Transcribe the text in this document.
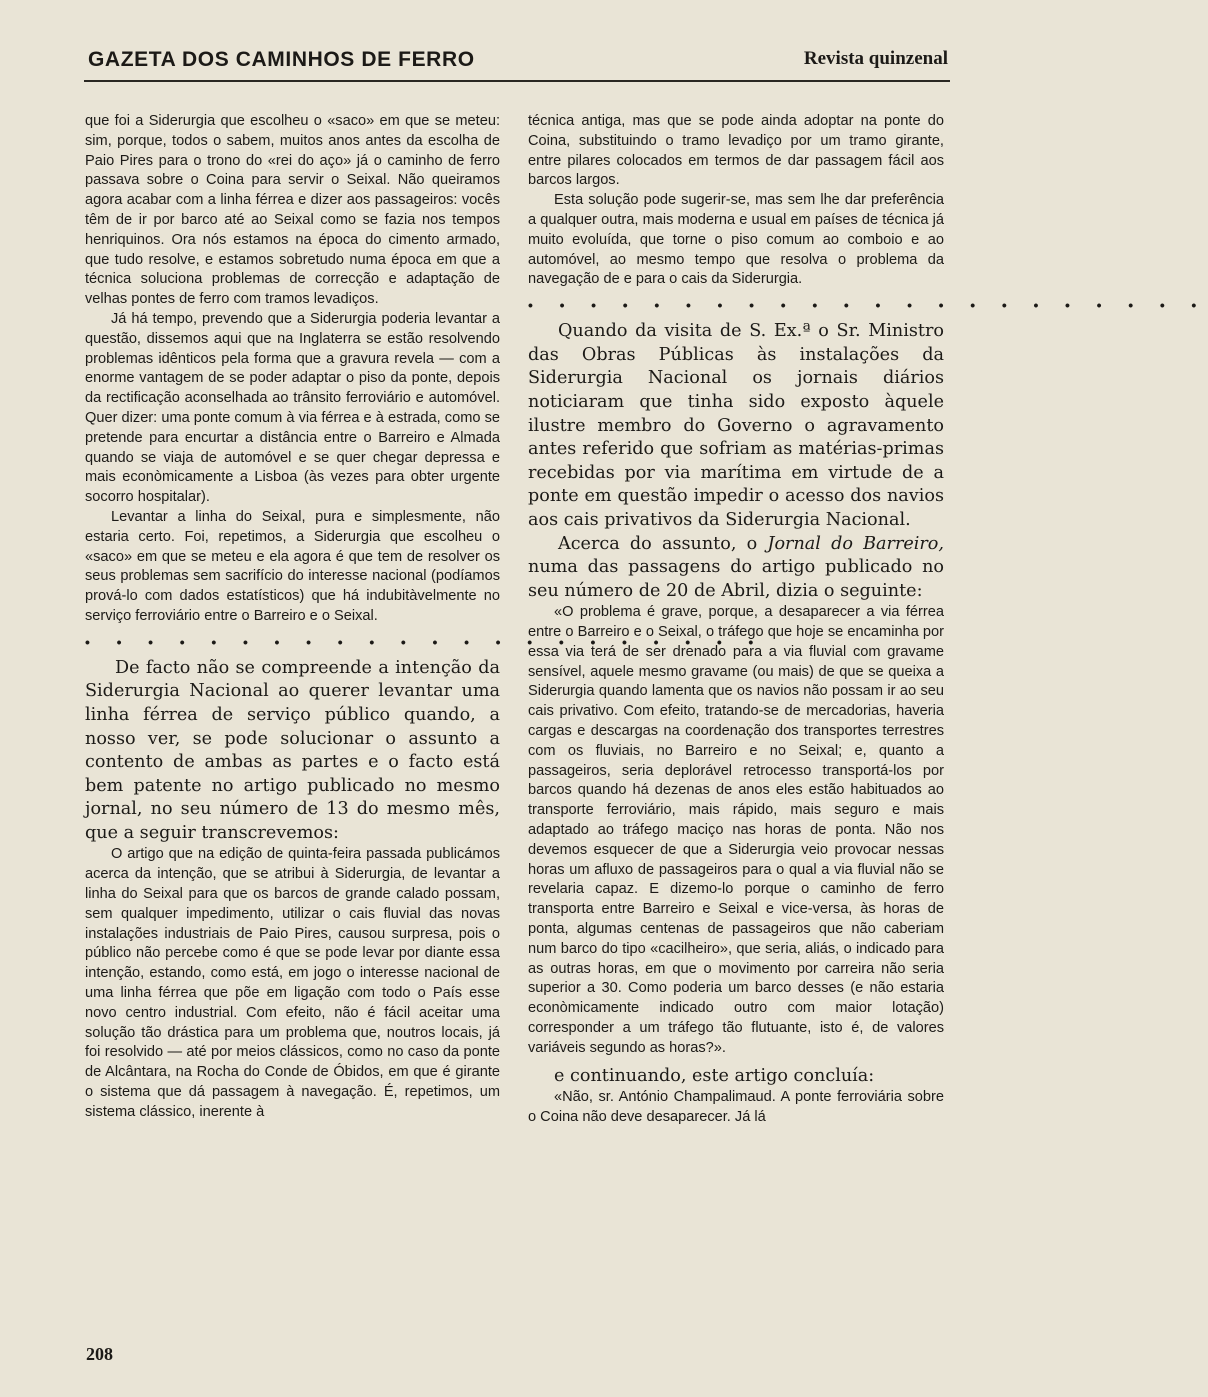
GAZETA DOS CAMINHOS DE FERRO	Revista quinzenal

que foi a Siderurgia que escolheu o «saco» em que se meteu: sim, porque, todos o sabem, muitos anos antes da escolha de Paio Pires para o trono do «rei do aço» já o caminho de ferro passava sobre o Coina para servir o Seixal. Não queiramos agora acabar com a linha férrea e dizer aos passageiros: vocês têm de ir por barco até ao Seixal como se fazia nos tempos henriquinos. Ora nós estamos na época do cimento armado, que tudo resolve, e estamos sobretudo numa época em que a técnica soluciona problemas de correcção e adaptação de velhas pontes de ferro com tramos levadiços.

Já há tempo, prevendo que a Siderurgia poderia levantar a questão, dissemos aqui que na Inglaterra se estão resolvendo problemas idênticos pela forma que a gravura revela — com a enorme vantagem de se poder adaptar o piso da ponte, depois da rectificação aconselhada ao trânsito ferroviário e automóvel. Quer dizer: uma ponte comum à via férrea e à estrada, como se pretende para encurtar a distância entre o Barreiro e Almada quando se viaja de automóvel e se quer chegar depressa e mais econòmicamente a Lisboa (às vezes para obter urgente socorro hospitalar).

Levantar a linha do Seixal, pura e simplesmente, não estaria certo. Foi, repetimos, a Siderurgia que escolheu o «saco» em que se meteu e ela agora é que tem de resolver os seus problemas sem sacrifício do interesse nacional (podíamos prová-lo com dados estatísticos) que há indubitàvelmente no serviço ferroviário entre o Barreiro e o Seixal.

• • • • • • • • • • • • • • • • • • • • • •

De facto não se compreende a intenção da Siderurgia Nacional ao querer levantar uma linha férrea de serviço público quando, a nosso ver, se pode solucionar o assunto a contento de ambas as partes e o facto está bem patente no artigo publicado no mesmo jornal, no seu número de 13 do mesmo mês, que a seguir transcrevemos:

O artigo que na edição de quinta-feira passada publicámos acerca da intenção, que se atribui à Siderurgia, de levantar a linha do Seixal para que os barcos de grande calado possam, sem qualquer impedimento, utilizar o cais fluvial das novas instalações industriais de Paio Pires, causou surpresa, pois o público não percebe como é que se pode levar por diante essa intenção, estando, como está, em jogo o interesse nacional de uma linha férrea que põe em ligação com todo o País esse novo centro industrial. Com efeito, não é fácil aceitar uma solução tão drástica para um problema que, noutros locais, já foi resolvido — até por meios clássicos, como no caso da ponte de Alcântara, na Rocha do Conde de Óbidos, em que é girante o sistema que dá passagem à navegação. É, repetimos, um sistema clássico, inerente à

técnica antiga, mas que se pode ainda adoptar na ponte do Coina, substituindo o tramo levadiço por um tramo girante, entre pilares colocados em termos de dar passagem fácil aos barcos largos.

Esta solução pode sugerir-se, mas sem lhe dar preferência a qualquer outra, mais moderna e usual em países de técnica já muito evoluída, que torne o piso comum ao comboio e ao automóvel, ao mesmo tempo que resolva o problema da navegação de e para o cais da Siderurgia.

• • • • • • • • • • • • • • • • • • • • • •

Quando da visita de S. Ex.ª o Sr. Ministro das Obras Públicas às instalações da Siderurgia Nacional os jornais diários noticiaram que tinha sido exposto àquele ilustre membro do Governo o agravamento antes referido que sofriam as matérias-primas recebidas por via marítima em virtude de a ponte em questão impedir o acesso dos navios aos cais privativos da Siderurgia Nacional.

Acerca do assunto, o Jornal do Barreiro, numa das passagens do artigo publicado no seu número de 20 de Abril, dizia o seguinte:

«O problema é grave, porque, a desaparecer a via férrea entre o Barreiro e o Seixal, o tráfego que hoje se encaminha por essa via terá de ser drenado para a via fluvial com gravame sensível, aquele mesmo gravame (ou mais) de que se queixa a Siderurgia quando lamenta que os navios não possam ir ao seu cais privativo. Com efeito, tratando-se de mercadorias, haveria cargas e descargas na coordenação dos transportes terrestres com os fluviais, no Barreiro e no Seixal; e, quanto a passageiros, seria deplorável retrocesso transportá-los por barcos quando há dezenas de anos eles estão habituados ao transporte ferroviário, mais rápido, mais seguro e mais adaptado ao tráfego maciço nas horas de ponta. Não nos devemos esquecer de que a Siderurgia veio provocar nessas horas um afluxo de passageiros para o qual a via fluvial não se revelaria capaz. E dizemo-lo porque o caminho de ferro transporta entre Barreiro e Seixal e vice-versa, às horas de ponta, algumas centenas de passageiros que não caberiam num barco do tipo «cacilheiro», que seria, aliás, o indicado para as outras horas, em que o movimento por carreira não seria superior a 30. Como poderia um barco desses (e não estaria econòmicamente indicado outro com maior lotação) corresponder a um tráfego tão flutuante, isto é, de valores variáveis segundo as horas?».

e continuando, este artigo concluía:

«Não, sr. António Champalimaud. A ponte ferroviária sobre o Coina não deve desaparecer. Já lá

208
